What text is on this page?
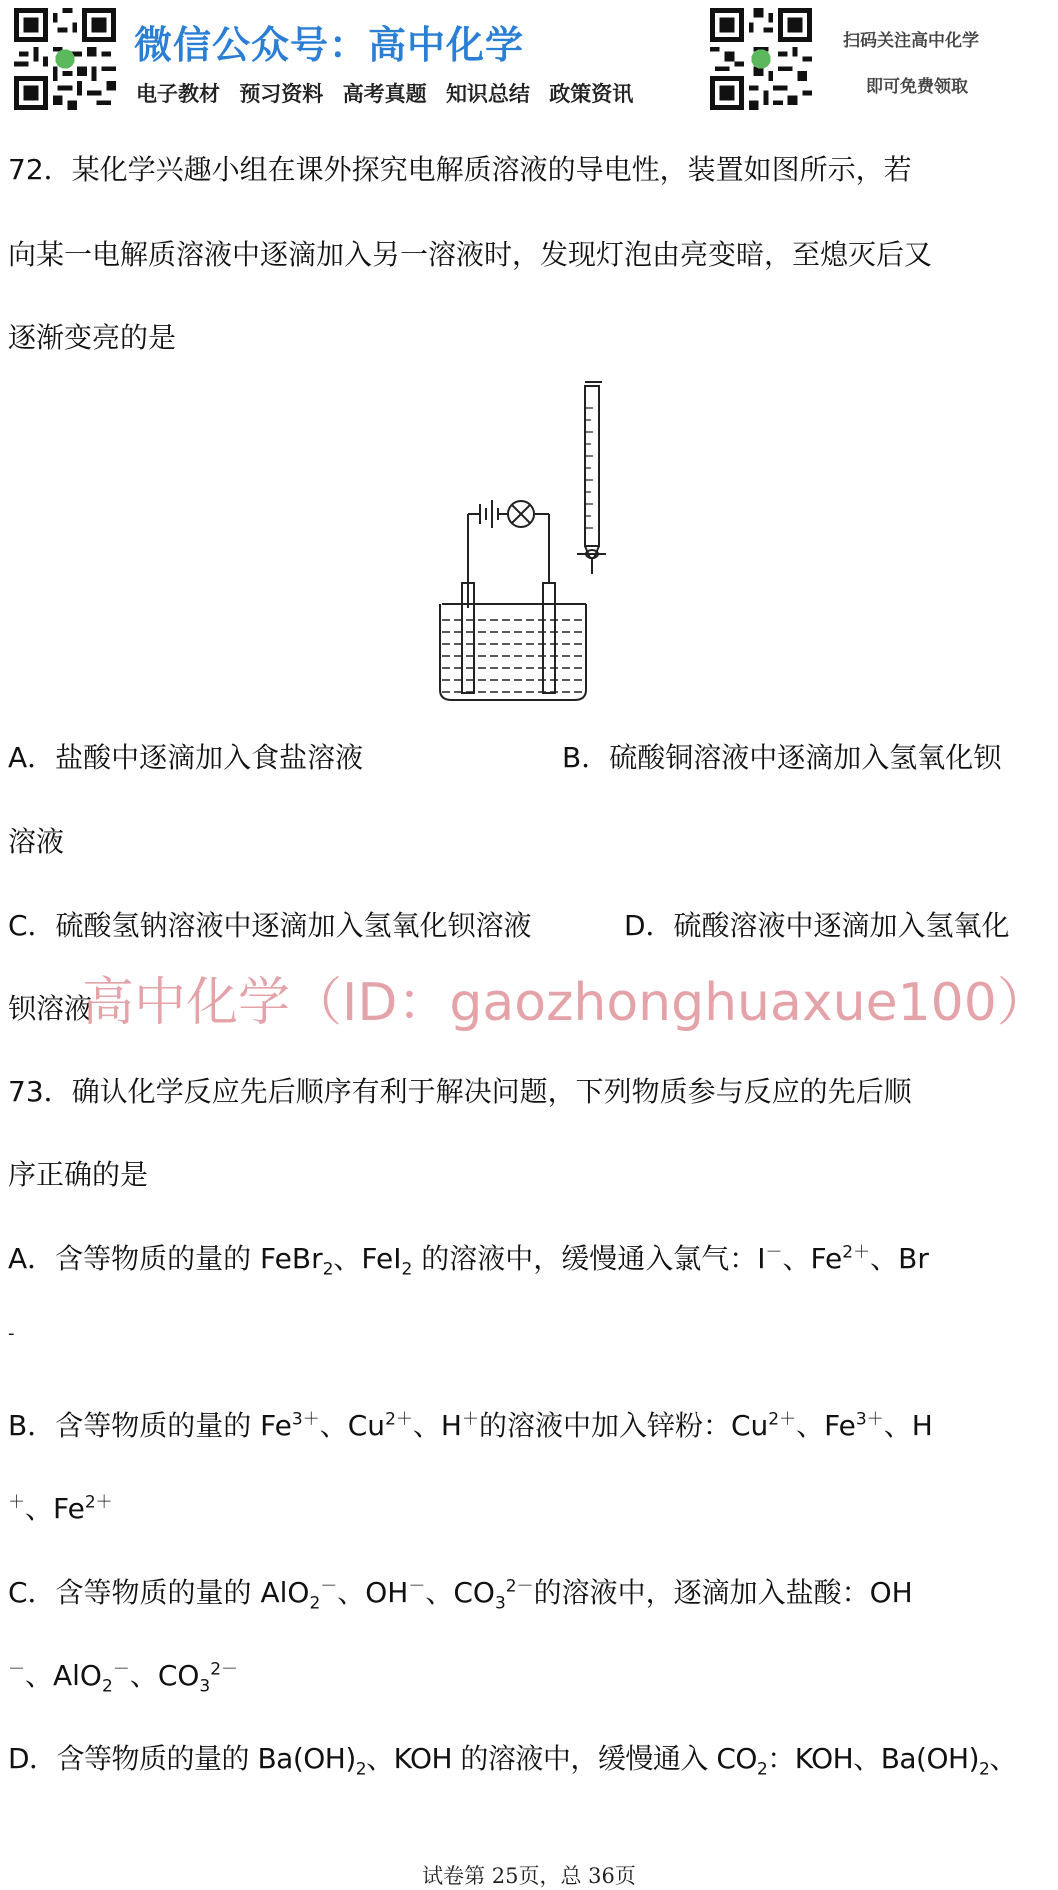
微信公众号：高中化学
电子教材 预习资料 高考真题 知识总结 政策资讯
扫码关注高中化学
即可免费领取
72．某化学兴趣小组在课外探究电解质溶液的导电性，装置如图所示，若
向某一电解质溶液中逐滴加入另一溶液时，发现灯泡由亮变暗，至熄灭后又
逐渐变亮的是
A．盐酸中逐滴加入食盐溶液	B．硫酸铜溶液中逐滴加入氢氧化钡
溶液
C．硫酸氢钠溶液中逐滴加入氢氧化钡溶液	D．硫酸溶液中逐滴加入氢氧化
钡溶液
高中化学（ID：gaozhonghuaxue100）
73．确认化学反应先后顺序有利于解决问题，下列物质参与反应的先后顺
序正确的是
A．含等物质的量的 FeBr$_2$、FeI$_2$ 的溶液中，缓慢通入氯气：I－、$Fe^{2+}$、Br
-
B．含等物质的量的 $Fe^{3+}$、$Cu^{2+}$、H＋的溶液中加入锌粉：$Cu^{2+}$、$Fe^{3+}$、H
＋、$Fe^{2+}$
C．含等物质的量的 AlO$_2$－、OH－、$CO_3^{2-}$的溶液中，逐滴加入盐酸：OH
－、AlO$_2$－、$CO_3^{2-}$
D．含等物质的量的 $Ba(OH)_2$、KOH 的溶液中，缓慢通入 $CO_2$：KOH、$Ba(OH)_2$、
试卷第 25页，总 36页
